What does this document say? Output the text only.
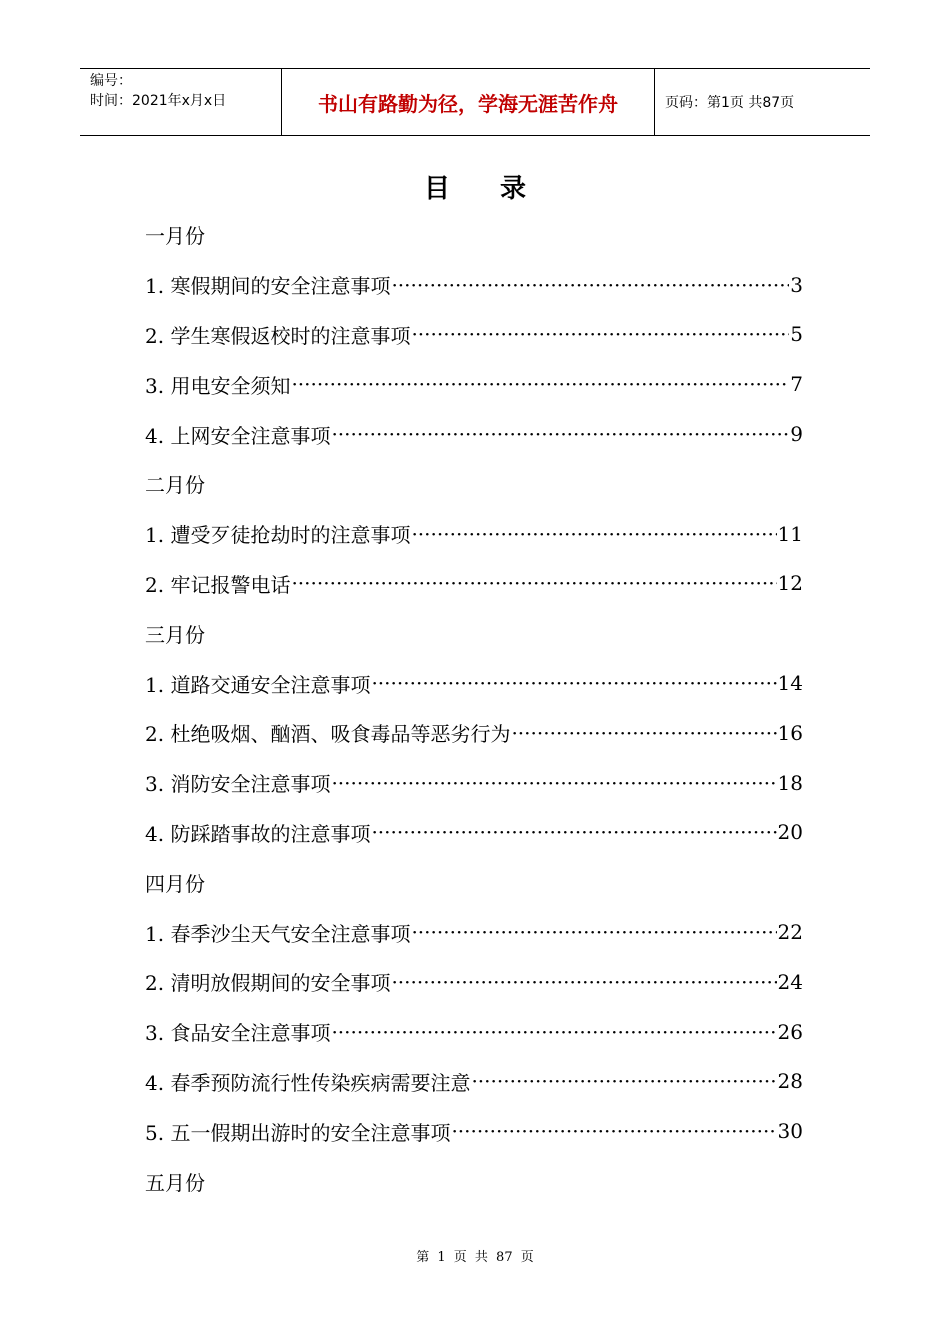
编号：
时间：2021年x月x日	书山有路勤为径，学海无涯苦作舟	页码：第1页 共87页
目录
一月份
1. 寒假期间的安全注意事项 ·····	3
2. 学生寒假返校时的注意事项 ·····	5
3. 用电安全须知 ·····	7
4. 上网安全注意事项 ·····	9
二月份
1. 遭受歹徒抢劫时的注意事项 ·····	11
2. 牢记报警电话 ·····	12
三月份
1. 道路交通安全注意事项 ·····	14
2. 杜绝吸烟、酗酒、吸食毒品等恶劣行为 ·····	16
3. 消防安全注意事项 ·····	18
4. 防踩踏事故的注意事项 ·····	20
四月份
1. 春季沙尘天气安全注意事项 ·····	22
2. 清明放假期间的安全事项 ·····	24
3. 食品安全注意事项 ·····	26
4. 春季预防流行性传染疾病需要注意 ·····	28
5. 五一假期出游时的安全注意事项 ·····	30
五月份
第 1 页 共 87 页
